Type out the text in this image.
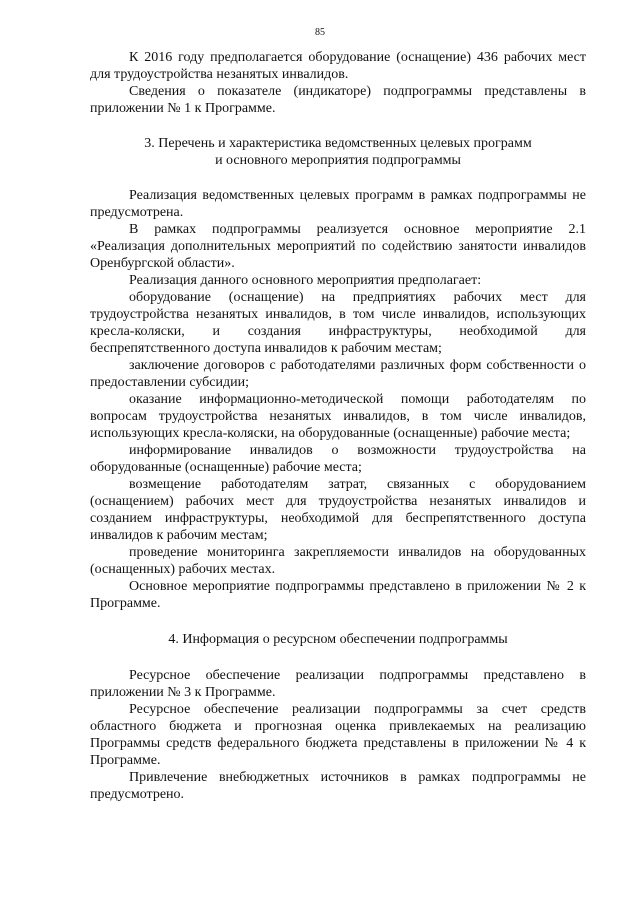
85

К 2016 году предполагается оборудование (оснащение) 436 рабочих мест для трудоустройства незанятых инвалидов.

Сведения о показателе (индикаторе) подпрограммы представлены в приложении № 1 к Программе.

3. Перечень и характеристика ведомственных целевых программ
и основного мероприятия подпрограммы

Реализация ведомственных целевых программ в рамках подпрограммы не предусмотрена.

В рамках подпрограммы реализуется основное мероприятие 2.1 «Реализация дополнительных мероприятий по содействию занятости инвалидов Оренбургской области».

Реализация данного основного мероприятия предполагает:

оборудование (оснащение) на предприятиях рабочих мест для трудоустройства незанятых инвалидов, в том числе инвалидов, использующих кресла-коляски, и создания инфраструктуры, необходимой для беспрепятственного доступа инвалидов к рабочим местам;

заключение договоров с работодателями различных форм собственности о предоставлении субсидии;

оказание информационно-методической помощи работодателям по вопросам трудоустройства незанятых инвалидов, в том числе инвалидов, использующих кресла-коляски, на оборудованные (оснащенные) рабочие места;

информирование инвалидов о возможности трудоустройства на оборудованные (оснащенные) рабочие места;

возмещение работодателям затрат, связанных с оборудованием (оснащением) рабочих мест для трудоустройства незанятых инвалидов и созданием инфраструктуры, необходимой для беспрепятственного доступа инвалидов к рабочим местам;

проведение мониторинга закрепляемости инвалидов на оборудованных (оснащенных) рабочих местах.

Основное мероприятие подпрограммы представлено в приложении № 2 к Программе.

4. Информация о ресурсном обеспечении подпрограммы

Ресурсное обеспечение реализации подпрограммы представлено в приложении № 3 к Программе.

Ресурсное обеспечение реализации подпрограммы за счет средств областного бюджета и прогнозная оценка привлекаемых на реализацию Программы средств федерального бюджета представлены в приложении № 4 к Программе.

Привлечение внебюджетных источников в рамках подпрограммы не предусмотрено.
